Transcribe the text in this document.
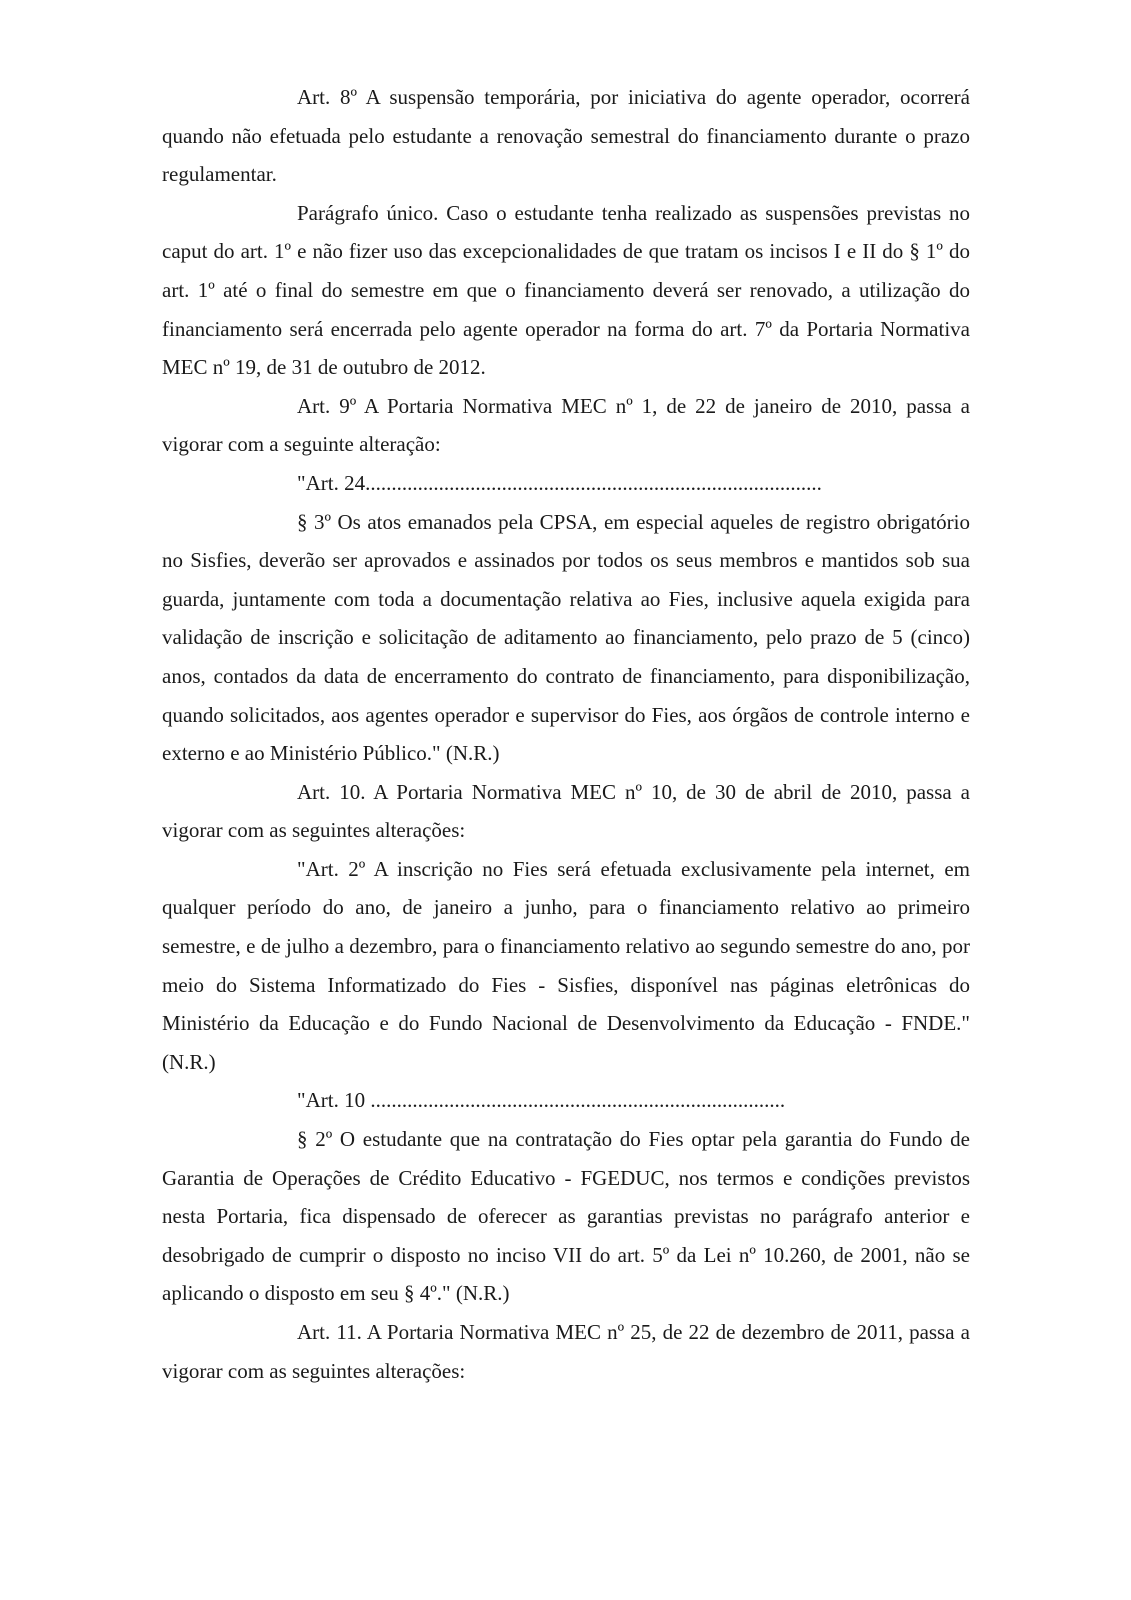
Art. 8º A suspensão temporária, por iniciativa do agente operador, ocorrerá quando não efetuada pelo estudante a renovação semestral do financiamento durante o prazo regulamentar.

Parágrafo único. Caso o estudante tenha realizado as suspensões previstas no caput do art. 1º e não fizer uso das excepcionalidades de que tratam os incisos I e II do § 1º do art. 1º até o final do semestre em que o financiamento deverá ser renovado, a utilização do financiamento será encerrada pelo agente operador na forma do art. 7º da Portaria Normativa MEC nº 19, de 31 de outubro de 2012.

Art. 9º A Portaria Normativa MEC nº 1, de 22 de janeiro de 2010, passa a vigorar com a seguinte alteração:

"Art. 24.......................................................................................

§ 3º Os atos emanados pela CPSA, em especial aqueles de registro obrigatório no Sisfies, deverão ser aprovados e assinados por todos os seus membros e mantidos sob sua guarda, juntamente com toda a documentação relativa ao Fies, inclusive aquela exigida para validação de inscrição e solicitação de aditamento ao financiamento, pelo prazo de 5 (cinco) anos, contados da data de encerramento do contrato de financiamento, para disponibilização, quando solicitados, aos agentes operador e supervisor do Fies, aos órgãos de controle interno e externo e ao Ministério Público." (N.R.)

Art. 10. A Portaria Normativa MEC nº 10, de 30 de abril de 2010, passa a vigorar com as seguintes alterações:

"Art. 2º A inscrição no Fies será efetuada exclusivamente pela internet, em qualquer período do ano, de janeiro a junho, para o financiamento relativo ao primeiro semestre, e de julho a dezembro, para o financiamento relativo ao segundo semestre do ano, por meio do Sistema Informatizado do Fies - Sisfies, disponível nas páginas eletrônicas do Ministério da Educação e do Fundo Nacional de Desenvolvimento da Educação - FNDE." (N.R.)

"Art. 10 ...............................................................................

§ 2º O estudante que na contratação do Fies optar pela garantia do Fundo de Garantia de Operações de Crédito Educativo - FGEDUC, nos termos e condições previstos nesta Portaria, fica dispensado de oferecer as garantias previstas no parágrafo anterior e desobrigado de cumprir o disposto no inciso VII do art. 5º da Lei nº 10.260, de 2001, não se aplicando o disposto em seu § 4º." (N.R.)

Art. 11. A Portaria Normativa MEC nº 25, de 22 de dezembro de 2011, passa a vigorar com as seguintes alterações:
